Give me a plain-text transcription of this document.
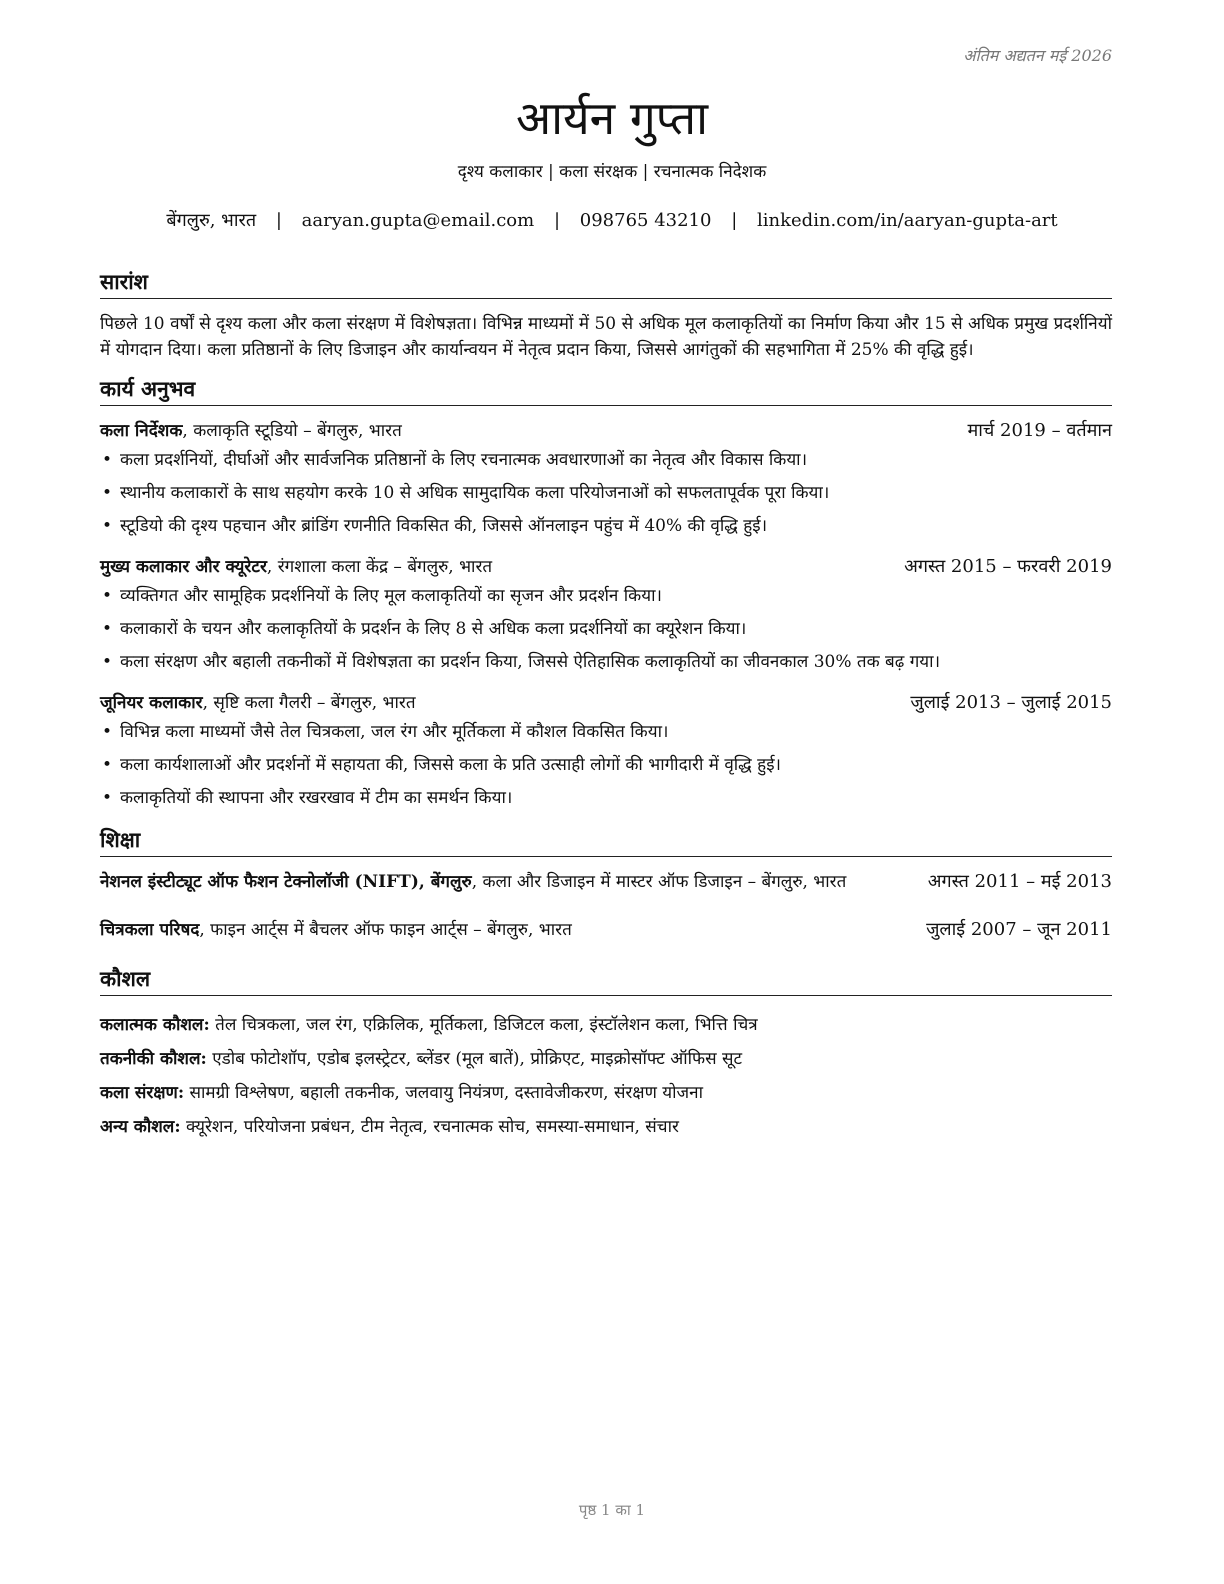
अंतिम अद्यतन मई 2026
आर्यन गुप्ता
दृश्य कलाकार | कला संरक्षक | रचनात्मक निदेशक
बेंगलुरु, भारत | aaryan.gupta@email.com | 098765 43210 | linkedin.com/in/aaryan-gupta-art
सारांश

पिछले 10 वर्षों से दृश्य कला और कला संरक्षण में विशेषज्ञता। विभिन्न माध्यमों में 50 से अधिक मूल कलाकृतियों का निर्माण किया और 15 से अधिक प्रमुख प्रदर्शनियों में योगदान दिया। कला प्रतिष्ठानों के लिए डिजाइन और कार्यान्वयन में नेतृत्व प्रदान किया, जिससे आगंतुकों की सहभागिता में 25% की वृद्धि हुई।

कार्य अनुभव
कला निर्देशक, कलाकृति स्टूडियो – बेंगलुरु, भारत	मार्च 2019 – वर्तमान
• कला प्रदर्शनियों, दीर्घाओं और सार्वजनिक प्रतिष्ठानों के लिए रचनात्मक अवधारणाओं का नेतृत्व और विकास किया।
• स्थानीय कलाकारों के साथ सहयोग करके 10 से अधिक सामुदायिक कला परियोजनाओं को सफलतापूर्वक पूरा किया।
• स्टूडियो की दृश्य पहचान और ब्रांडिंग रणनीति विकसित की, जिससे ऑनलाइन पहुंच में 40% की वृद्धि हुई।
मुख्य कलाकार और क्यूरेटर, रंगशाला कला केंद्र – बेंगलुरु, भारत	अगस्त 2015 – फरवरी 2019
• व्यक्तिगत और सामूहिक प्रदर्शनियों के लिए मूल कलाकृतियों का सृजन और प्रदर्शन किया।
• कलाकारों के चयन और कलाकृतियों के प्रदर्शन के लिए 8 से अधिक कला प्रदर्शनियों का क्यूरेशन किया।
• कला संरक्षण और बहाली तकनीकों में विशेषज्ञता का प्रदर्शन किया, जिससे ऐतिहासिक कलाकृतियों का जीवनकाल 30% तक बढ़ गया।
जूनियर कलाकार, सृष्टि कला गैलरी – बेंगलुरु, भारत	जुलाई 2013 – जुलाई 2015
• विभिन्न कला माध्यमों जैसे तेल चित्रकला, जल रंग और मूर्तिकला में कौशल विकसित किया।
• कला कार्यशालाओं और प्रदर्शनों में सहायता की, जिससे कला के प्रति उत्साही लोगों की भागीदारी में वृद्धि हुई।
• कलाकृतियों की स्थापना और रखरखाव में टीम का समर्थन किया।
शिक्षा
नेशनल इंस्टीट्यूट ऑफ फैशन टेक्नोलॉजी (NIFT), बेंगलुरु, कला और डिजाइन में मास्टर ऑफ डिजाइन – बेंगलुरु, भारत	अगस्त 2011 – मई 2013
चित्रकला परिषद, फाइन आर्ट्स में बैचलर ऑफ फाइन आर्ट्स – बेंगलुरु, भारत	जुलाई 2007 – जून 2011
कौशल
कलात्मक कौशल: तेल चित्रकला, जल रंग, एक्रिलिक, मूर्तिकला, डिजिटल कला, इंस्टॉलेशन कला, भित्ति चित्र
तकनीकी कौशल: एडोब फोटोशॉप, एडोब इलस्ट्रेटर, ब्लेंडर (मूल बातें), प्रोक्रिएट, माइक्रोसॉफ्ट ऑफिस सूट
कला संरक्षण: सामग्री विश्लेषण, बहाली तकनीक, जलवायु नियंत्रण, दस्तावेजीकरण, संरक्षण योजना
अन्य कौशल: क्यूरेशन, परियोजना प्रबंधन, टीम नेतृत्व, रचनात्मक सोच, समस्या-समाधान, संचार
पृष्ठ 1 का 1
